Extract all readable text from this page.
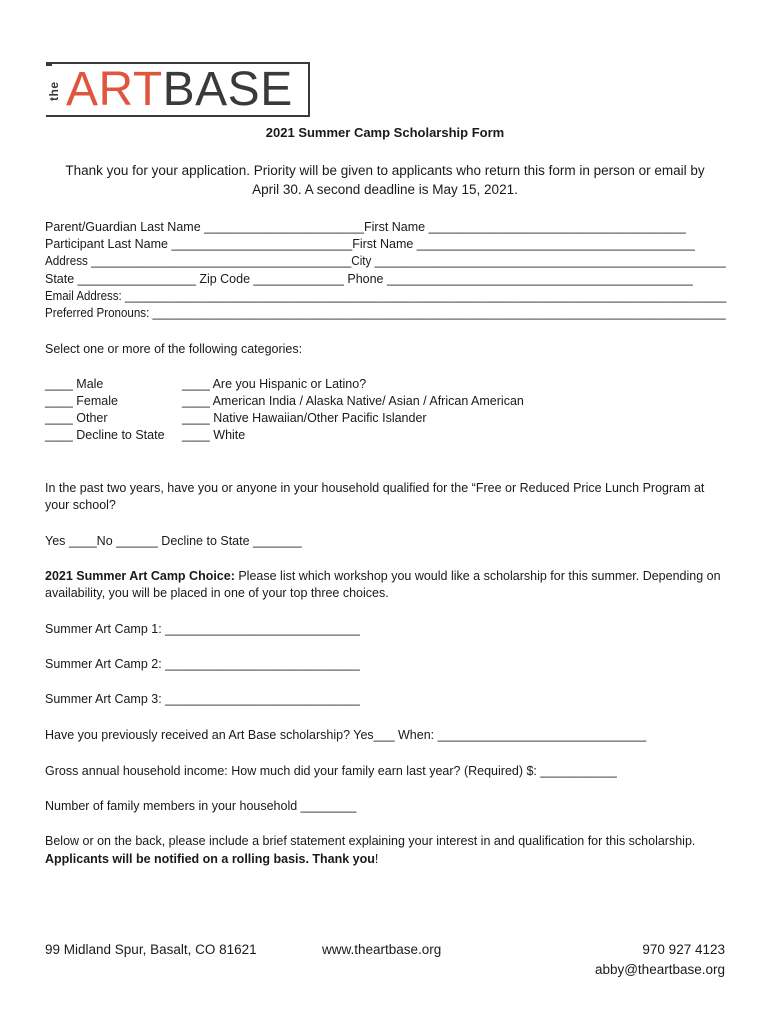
the ARTBASE
2021 Summer Camp Scholarship Form
Thank you for your application. Priority will be given to applicants who return this form in person or email by
April 30. A second deadline is May 15, 2021.
Parent/Guardian Last Name _______________________First Name _____________________________________
Participant Last Name __________________________First Name ________________________________________
Address ________________________________________City ______________________________________________________
State _________________ Zip Code _____________ Phone ____________________________________________
Email Address: ______________________________________________________________________________________________
Preferred Pronouns: _________________________________________________________________________________________
Select one or more of the following categories:
____ Male
____ Female
____ Other
____ Decline to State
____ Are you Hispanic or Latino?
____ American India / Alaska Native/ Asian / African American
____ Native Hawaiian/Other Pacific Islander
____ White
In the past two years, have you or anyone in your household qualified for the “Free or Reduced Price Lunch Program at
your school?
Yes ____No ______ Decline to State _______
2021 Summer Art Camp Choice: Please list which workshop you would like a scholarship for this summer. Depending on
availability, you will be placed in one of your top three choices.
Summer Art Camp 1: ____________________________
Summer Art Camp 2: ____________________________
Summer Art Camp 3: ____________________________
Have you previously received an Art Base scholarship? Yes___ When: ______________________________
Gross annual household income: How much did your family earn last year? (Required) $: ___________
Number of family members in your household ________
Below or on the back, please include a brief statement explaining your interest in and qualification for this scholarship.
Applicants will be notified on a rolling basis. Thank you!
99 Midland Spur, Basalt, CO 81621	www.theartbase.org	970 927 4123
abby@theartbase.org
